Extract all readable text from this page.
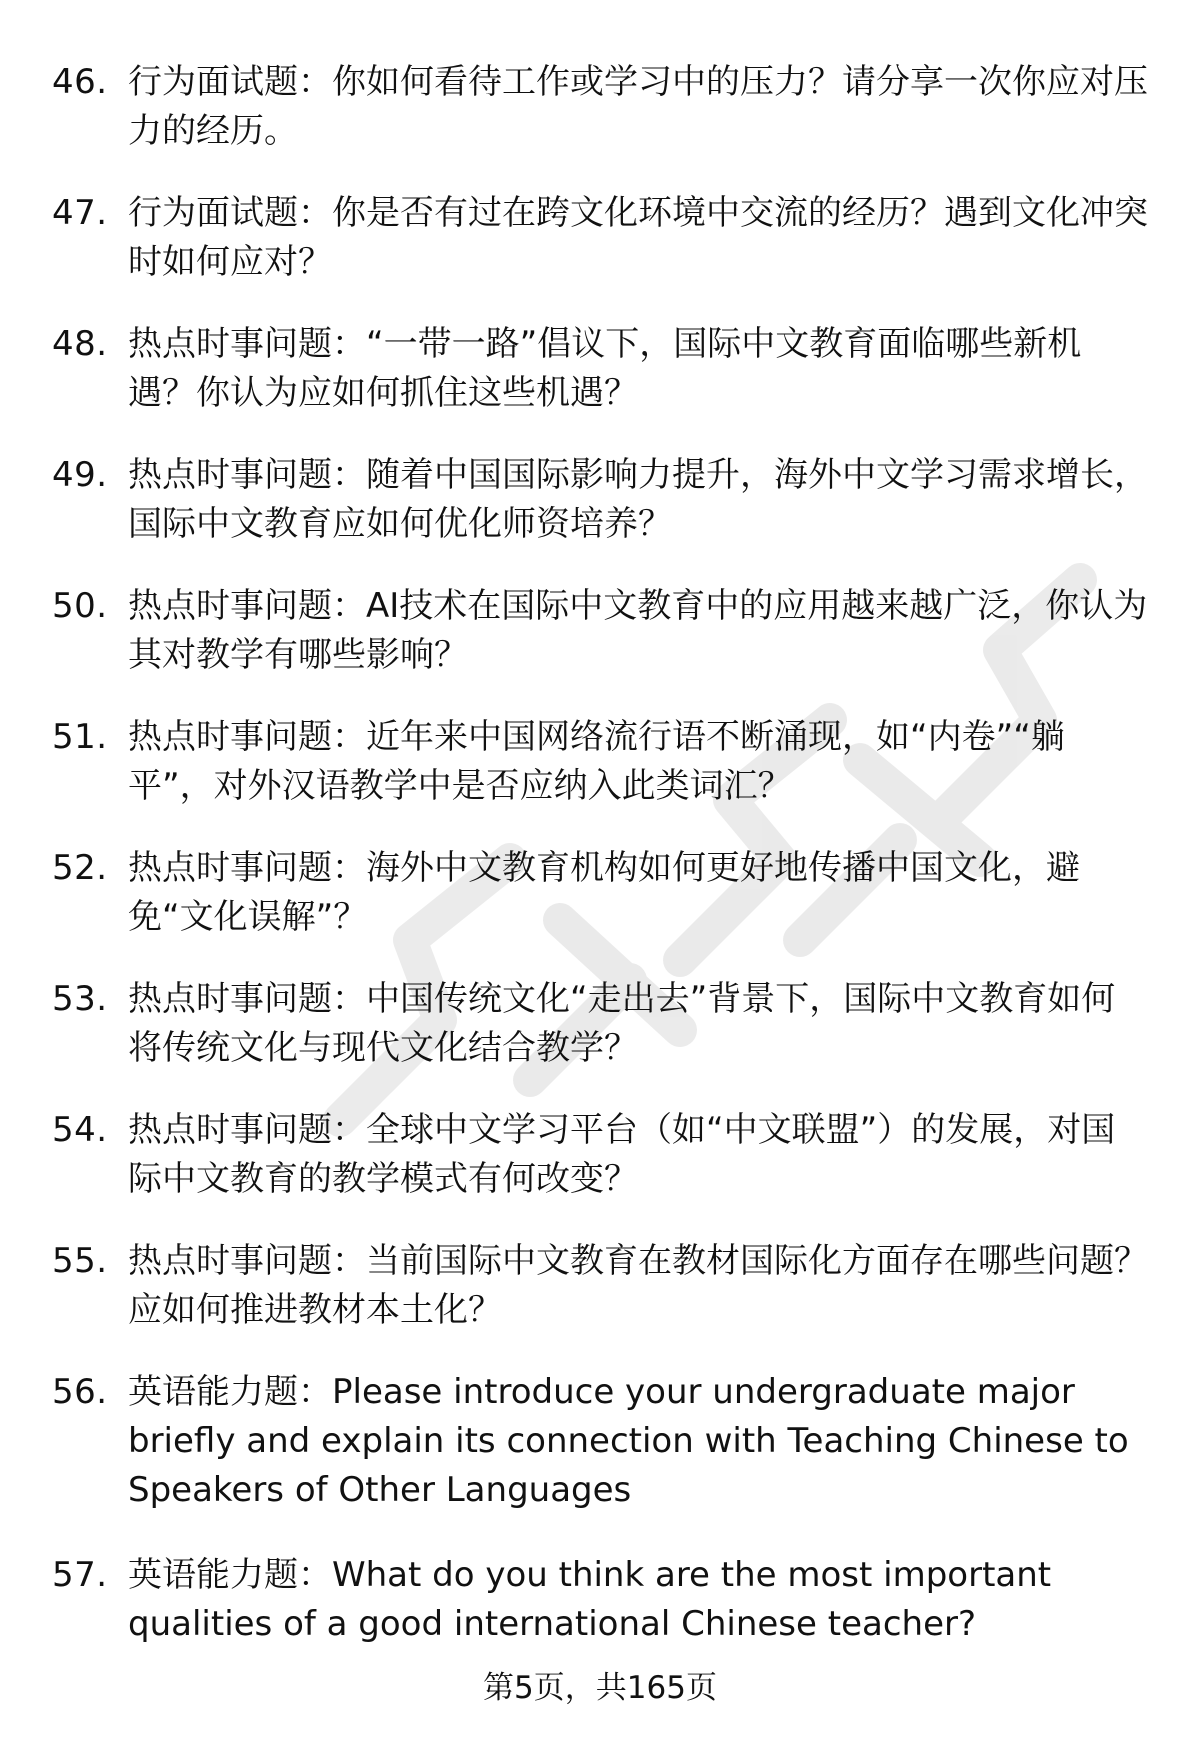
46. 行为面试题：你如何看待工作或学习中的压力？请分享一次你应对压力的经历。
47. 行为面试题：你是否有过在跨文化环境中交流的经历？遇到文化冲突时如何应对？
48. 热点时事问题：“一带一路”倡议下，国际中文教育面临哪些新机遇？你认为应如何抓住这些机遇？
49. 热点时事问题：随着中国国际影响力提升，海外中文学习需求增长，国际中文教育应如何优化师资培养？
50. 热点时事问题：AI技术在国际中文教育中的应用越来越广泛，你认为其对教学有哪些影响？
51. 热点时事问题：近年来中国网络流行语不断涌现，如“内卷”“躺平”，对外汉语教学中是否应纳入此类词汇？
52. 热点时事问题：海外中文教育机构如何更好地传播中国文化，避免“文化误解”？
53. 热点时事问题：中国传统文化“走出去”背景下，国际中文教育如何将传统文化与现代文化结合教学？
54. 热点时事问题：全球中文学习平台（如“中文联盟”）的发展，对国际中文教育的教学模式有何改变？
55. 热点时事问题：当前国际中文教育在教材国际化方面存在哪些问题？应如何推进教材本土化？
56. 英语能力题：Please introduce your undergraduate major briefly and explain its connection with Teaching Chinese to Speakers of Other Languages
57. 英语能力题：What do you think are the most important qualities of a good international Chinese teacher?
第5页，共165页
